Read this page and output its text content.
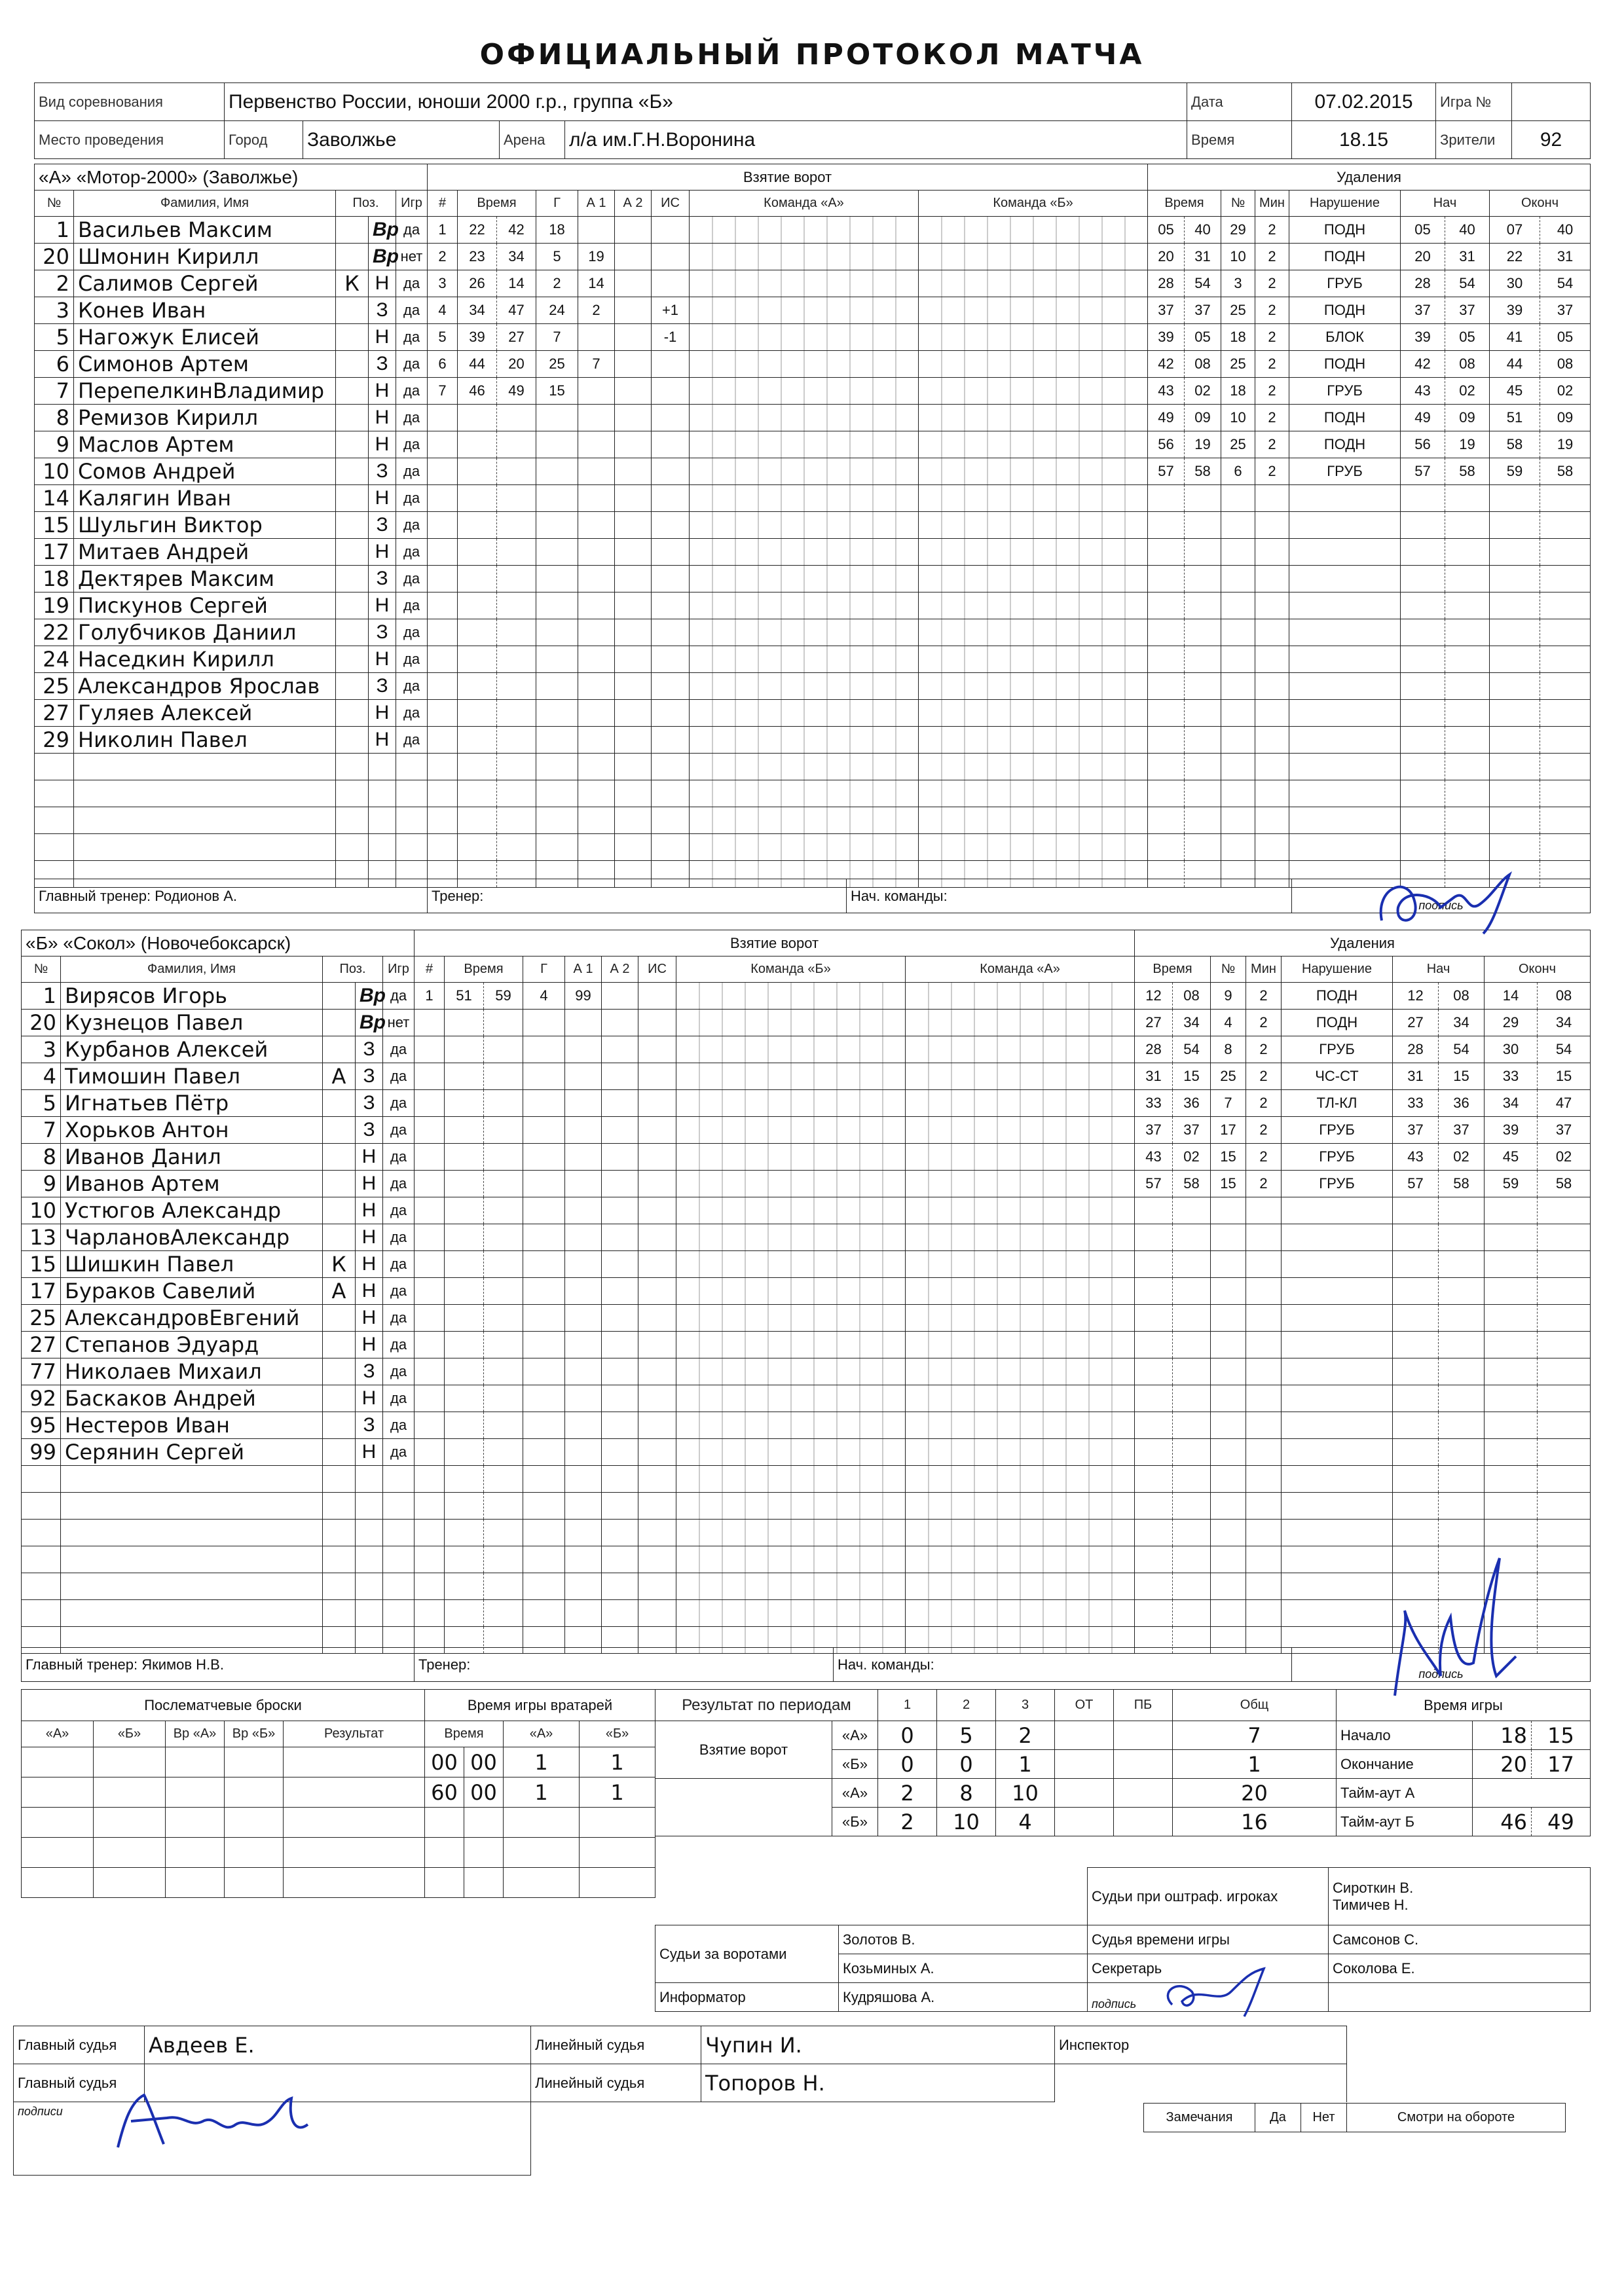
ОФИЦИАЛЬНЫЙ ПРОТОКОЛ МАТЧА
Вид соревнования	Первенство России, юноши 2000 г.р., группа «Б»				Дата	07.02.2015	Игра №	
Место проведения	Город	Заволжье	Арена	л/а им.Г.Н.Воронина	Время	18.15	Зрители	92
«А» «Мотор-2000» (Заволжье)				
№	Фамилия, Имя	Поз.		Игр
1	Васильев Максим		Вр	да
20	Шмонин Кирилл		Вр	нет
2	Салимов Сергей	К	Н	да
3	Конев Иван		З	да
5	Нагожук Елисей		Н	да
6	Симонов Артем		З	да
7	ПерепелкинВладимир		Н	да
8	Ремизов Кирилл		Н	да
9	Маслов Артем		Н	да
10	Сомов Андрей		З	да
14	Калягин Иван		Н	да
15	Шульгин Виктор		З	да
17	Митаев Андрей		Н	да
18	Дектярев Максим		З	да
19	Пискунов Сергей		Н	да
22	Голубчиков Даниил		З	да
24	Наседкин Кирилл		Н	да
25	Александров Ярослав		З	да
27	Гуляев Алексей		Н	да
29	Николин Павел		Н	да

Взятие ворот								
#	Время		Г	А 1	А 2	ИС	Команда «А»	Команда «Б»
1	22	42	18					
2	23	34	5	19				
3	26	14	2	14				
4	34	47	24	2		+1		
5	39	27	7			-1		
6	44	20	25	7				
7	46	49	15					

Удаления								
Время		№	Мин	Нарушение	Нач		Оконч	
05	40	29	2	ПОДН	05	40	07	40
20	31	10	2	ПОДН	20	31	22	31
28	54	3	2	ГРУБ	28	54	30	54
37	37	25	2	ПОДН	37	37	39	37
39	05	18	2	БЛОК	39	05	41	05
42	08	25	2	ПОДН	42	08	44	08
43	02	18	2	ГРУБ	43	02	45	02
49	09	10	2	ПОДН	49	09	51	09
56	19	25	2	ПОДН	56	19	58	19
57	58	6	2	ГРУБ	57	58	59	58

Главный тренер: Родионов А.	Тренер:	Нач. команды:	подпись
«Б» «Сокол» (Новочебоксарск)				
№	Фамилия, Имя	Поз.		Игр
1	Вирясов Игорь		Вр	да
20	Кузнецов Павел		Вр	нет
3	Курбанов Алексей		З	да
4	Тимошин Павел	А	З	да
5	Игнатьев Пётр		З	да
7	Хорьков Антон		З	да
8	Иванов Данил		Н	да
9	Иванов Артем		Н	да
10	Устюгов Александр		Н	да
13	ЧарлановАлександр		Н	да
15	Шишкин Павел	К	Н	да
17	Бураков Савелий	А	Н	да
25	АлександровЕвгений		Н	да
27	Степанов Эдуард		Н	да
77	Николаев Михаил		З	да
92	Баскаков Андрей		Н	да
95	Нестеров Иван		З	да
99	Серянин Сергей		Н	да

Взятие ворот								
#	Время		Г	А 1	А 2	ИС	Команда «Б»	Команда «А»
1	51	59	4	99				

Удаления								
Время		№	Мин	Нарушение	Нач		Оконч	
12	08	9	2	ПОДН	12	08	14	08
27	34	4	2	ПОДН	27	34	29	34
28	54	8	2	ГРУБ	28	54	30	54
31	15	25	2	ЧС-СТ	31	15	33	15
33	36	7	2	ТЛ-КЛ	33	36	34	47
37	37	17	2	ГРУБ	37	37	39	37
43	02	15	2	ГРУБ	43	02	45	02
57	58	15	2	ГРУБ	57	58	59	58

Главный тренер: Якимов Н.В.	Тренер:	Нач. команды:	подпись
Послематчевые броски				
«А»	«Б»	Вр «А»	Вр «Б»	Результат

Время игры вратарей			
Время		«А»	«Б»
00	00	1	1
60	00	1	1

Результат по периодам		1	2	3	ОТ	ПБ	Общ
Взятие ворот	«А»	0	5	2			7
	«Б»	0	0	1			1
	«А»	2	8	10			20
	«Б»	2	10	4			16
Время игры		
Начало	18	15
Окончание	20	17
Тайм-аут А		
Тайм-аут Б	46	49
		Судьи при оштраф. игроках	Сироткин В.
Тимичев Н.

Судьи за воротами	Золотов В.	Судья времени игры	Самсонов С.
	Козьминых А.	Секретарь	Соколова Е.
Информатор	Кудряшова А.	подпись	
Главный судья	Авдеев Е.	Линейный судья	Чупин И.	Инспектор
Главный судья		Линейный судья	Топоров Н.	
подписи					Замечания	Да	Нет	Смотри на обороте
